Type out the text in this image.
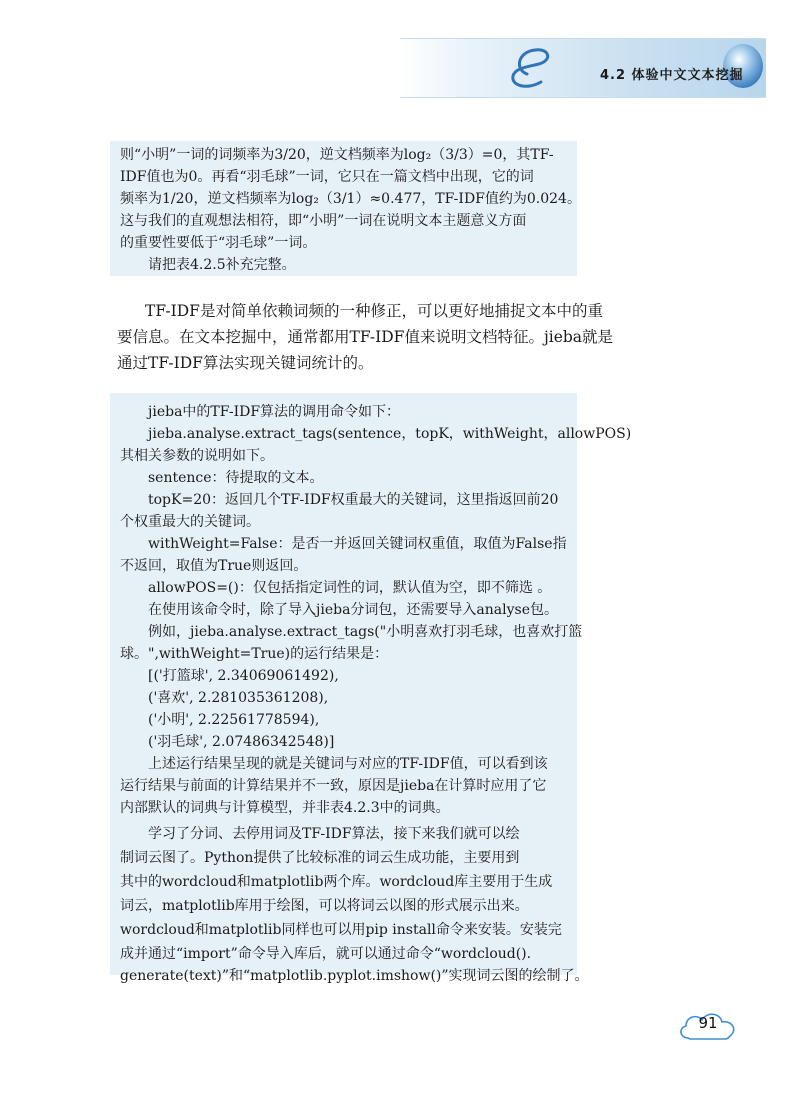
4.2 体验中文文本挖掘
则“小明”一词的词频率为3/20，逆文档频率为log₂（3/3）=0，其TF-
IDF值也为0。再看“羽毛球”一词，它只在一篇文档中出现，它的词
频率为1/20，逆文档频率为log₂（3/1）≈0.477，TF-IDF值约为0.024。
这与我们的直观想法相符，即“小明”一词在说明文本主题意义方面
的重要性要低于“羽毛球”一词。
请把表4.2.5补充完整。
TF-IDF是对简单依赖词频的一种修正，可以更好地捕捉文本中的重
要信息。在文本挖掘中，通常都用TF-IDF值来说明文档特征。jieba就是
通过TF-IDF算法实现关键词统计的。
jieba中的TF-IDF算法的调用命令如下：
jieba.analyse.extract_tags(sentence，topK，withWeight，allowPOS)
其相关参数的说明如下。
sentence：待提取的文本。
topK=20：返回几个TF-IDF权重最大的关键词，这里指返回前20
个权重最大的关键词。
withWeight=False：是否一并返回关键词权重值，取值为False指
不返回，取值为True则返回。
allowPOS=()：仅包括指定词性的词，默认值为空，即不筛选 。
在使用该命令时，除了导入jieba分词包，还需要导入analyse包。
例如，jieba.analyse.extract_tags("小明喜欢打羽毛球，也喜欢打篮
球。",withWeight=True)的运行结果是：
[('打篮球', 2.34069061492),
('喜欢', 2.281035361208),
('小明', 2.22561778594),
('羽毛球', 2.07486342548)]
上述运行结果呈现的就是关键词与对应的TF-IDF值，可以看到该
运行结果与前面的计算结果并不一致，原因是jieba在计算时应用了它
内部默认的词典与计算模型，并非表4.2.3中的词典。
学习了分词、去停用词及TF-IDF算法，接下来我们就可以绘
制词云图了。Python提供了比较标准的词云生成功能，主要用到
其中的wordcloud和matplotlib两个库。wordcloud库主要用于生成
词云，matplotlib库用于绘图，可以将词云以图的形式展示出来。
wordcloud和matplotlib同样也可以用pip install命令来安装。安装完
成并通过“import”命令导入库后，就可以通过命令“wordcloud().
generate(text)”和“matplotlib.pyplot.imshow()”实现词云图的绘制了。
91
